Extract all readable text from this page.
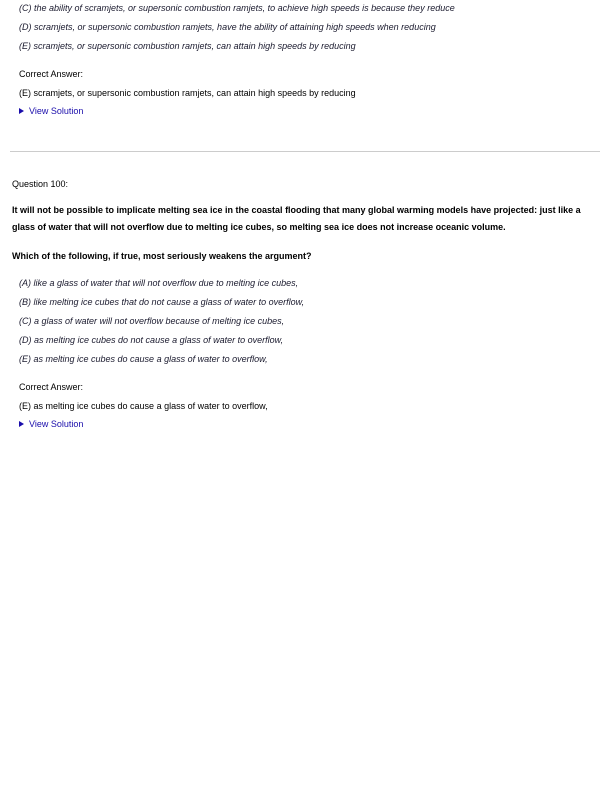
(C) the ability of scramjets, or supersonic combustion ramjets, to achieve high speeds is because they reduce
(D) scramjets, or supersonic combustion ramjets, have the ability of attaining high speeds when reducing
(E) scramjets, or supersonic combustion ramjets, can attain high speeds by reducing
Correct Answer:
(E) scramjets, or supersonic combustion ramjets, can attain high speeds by reducing
View Solution
Question 100:
It will not be possible to implicate melting sea ice in the coastal flooding that many global warming models have projected: just like a glass of water that will not overflow due to melting ice cubes, so melting sea ice does not increase oceanic volume.
Which of the following, if true, most seriously weakens the argument?
(A) like a glass of water that will not overflow due to melting ice cubes,
(B) like melting ice cubes that do not cause a glass of water to overflow,
(C) a glass of water will not overflow because of melting ice cubes,
(D) as melting ice cubes do not cause a glass of water to overflow,
(E) as melting ice cubes do cause a glass of water to overflow,
Correct Answer:
(E) as melting ice cubes do cause a glass of water to overflow,
View Solution
